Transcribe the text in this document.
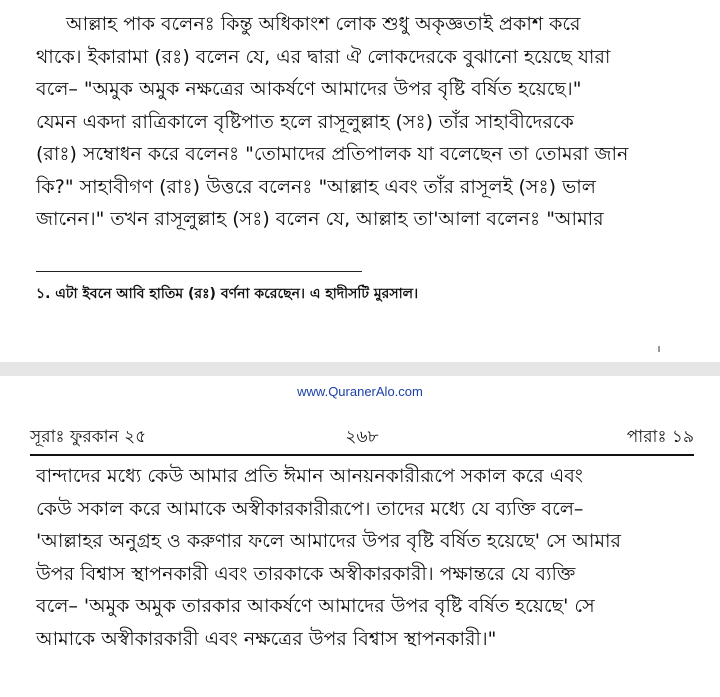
আল্লাহ পাক বলেনঃ কিন্তু অধিকাংশ লোক শুধু অকৃজ্ঞতাই প্রকাশ করে

থাকে। ইকারামা (রঃ) বলেন যে, এর দ্বারা ঐ লোকদেরকে বুঝানো হয়েছে যারা

বলে– "অমুক অমুক নক্ষত্রের আকর্ষণে আমাদের উপর বৃষ্টি বর্ষিত হয়েছে।"

যেমন একদা রাত্রিকালে বৃষ্টিপাত হলে রাসূলুল্লাহ (সঃ) তাঁর সাহাবীদেরকে

(রাঃ) সম্বোধন করে বলেনঃ "তোমাদের প্রতিপালক যা বলেছেন তা তোমরা জান

কি?" সাহাবীগণ (রাঃ) উত্তরে বলেনঃ "আল্লাহ এবং তাঁর রাসূলই (সঃ) ভাল

জানেন।" তখন রাসূলুল্লাহ (সঃ) বলেন যে, আল্লাহ তা'আলা বলেনঃ "আমার

১. এটা ইবনে আবি হাতিম (রঃ) বর্ণনা করেছেন। এ হাদীসটি মুরসাল।
www.QuranerAlo.com
সূরাঃ ফুরকান ২৫	২৬৮	পারাঃ ১৯

বান্দাদের মধ্যে কেউ আমার প্রতি ঈমান আনয়নকারীরূপে সকাল করে এবং

কেউ সকাল করে আমাকে অস্বীকারকারীরূপে। তাদের মধ্যে যে ব্যক্তি বলে–

'আল্লাহর অনুগ্রহ ও করুণার ফলে আমাদের উপর বৃষ্টি বর্ষিত হয়েছে' সে আমার

উপর বিশ্বাস স্থাপনকারী এবং তারকাকে অস্বীকারকারী। পক্ষান্তরে যে ব্যক্তি

বলে– 'অমুক অমুক তারকার আকর্ষণে আমাদের উপর বৃষ্টি বর্ষিত হয়েছে' সে

আমাকে অস্বীকারকারী এবং নক্ষত্রের উপর বিশ্বাস স্থাপনকারী।"
